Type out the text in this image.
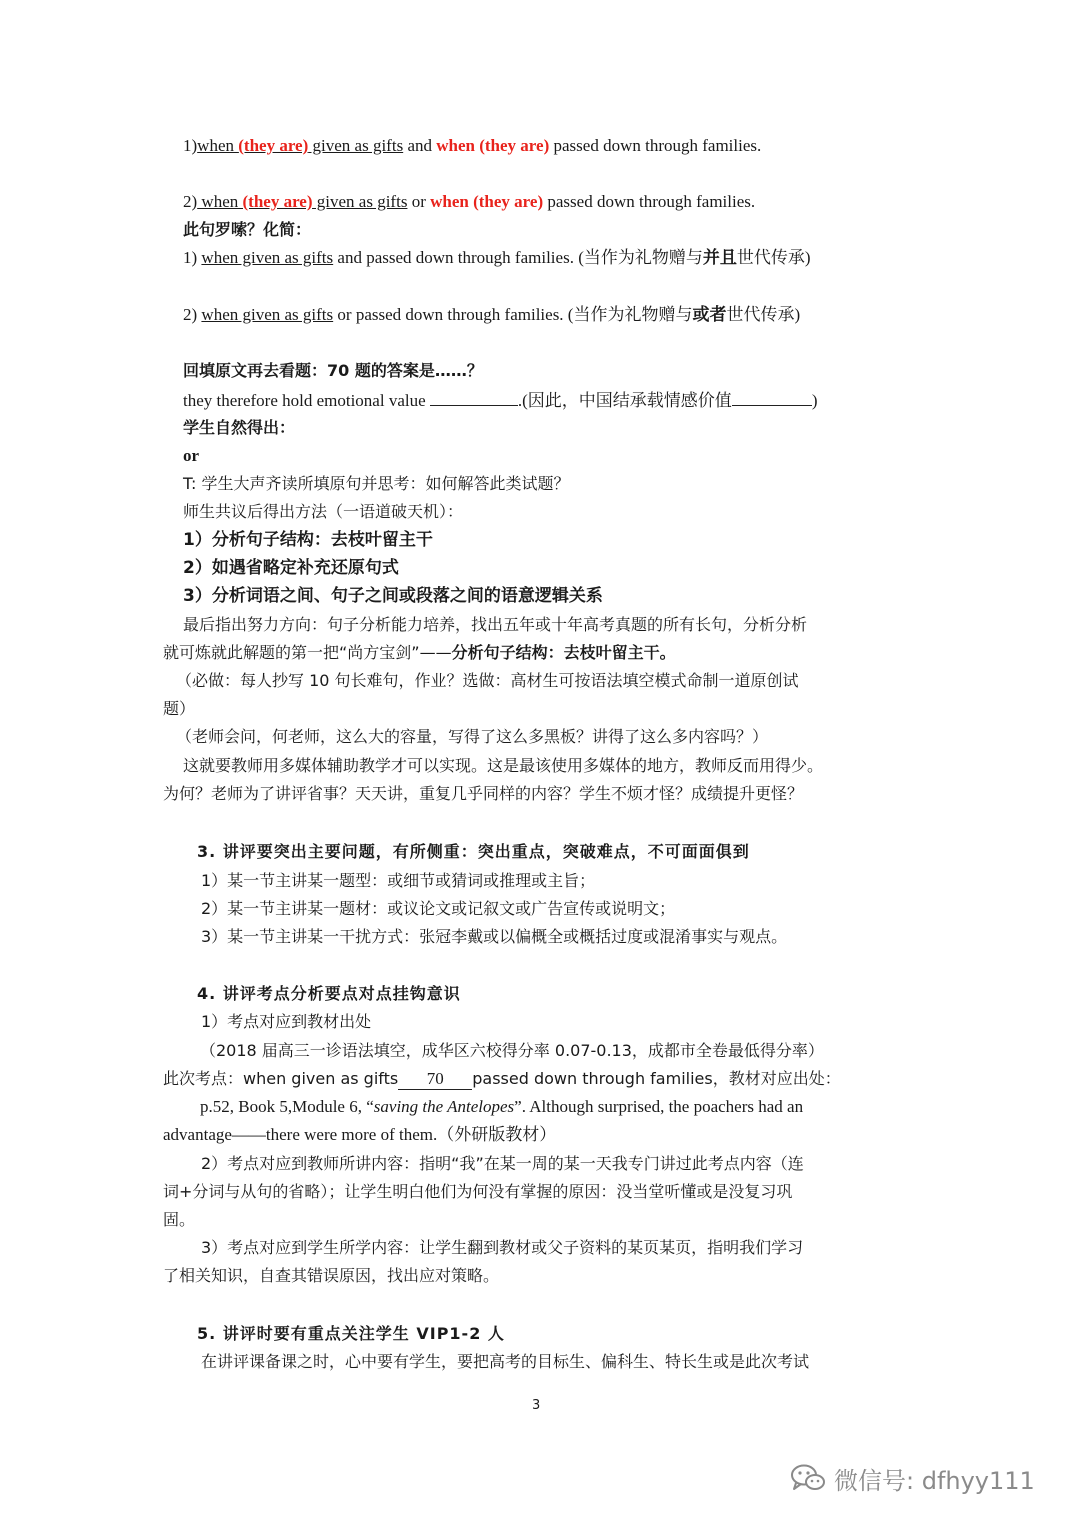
1)when (they are) given as gifts and when (they are) passed down through families.
2) when (they are) given as gifts or when (they are) passed down through families.
此句罗嗦？化简：
1) when given as gifts and passed down through families. (当作为礼物赠与并且世代传承)
2) when given as gifts or passed down through families. (当作为礼物赠与或者世代传承)
回填原文再去看题：70 题的答案是……？
they therefore hold emotional value	.(因此，中国结承载情感价值	)
学生自然得出：
or
T: 学生大声齐读所填原句并思考：如何解答此类试题？
师生共议后得出方法（一语道破天机）：
1）分析句子结构：去枝叶留主干
2）如遇省略定补充还原句式
3）分析词语之间、句子之间或段落之间的语意逻辑关系
最后指出努力方向：句子分析能力培养，找出五年或十年高考真题的所有长句，分析分析
就可炼就此解题的第一把“尚方宝剑”——分析句子结构：去枝叶留主干。
（必做：每人抄写 10 句长难句，作业？选做：高材生可按语法填空模式命制一道原创试
题）
（老师会问，何老师，这么大的容量，写得了这么多黑板？讲得了这么多内容吗？）
这就要教师用多媒体辅助教学才可以实现。这是最该使用多媒体的地方，教师反而用得少。
为何？老师为了讲评省事？天天讲，重复几乎同样的内容？学生不烦才怪？成绩提升更怪？
3. 讲评要突出主要问题，有所侧重：突出重点，突破难点，不可面面俱到
1）某一节主讲某一题型：或细节或猜词或推理或主旨；
2）某一节主讲某一题材：或议论文或记叙文或广告宣传或说明文；
3）某一节主讲某一干扰方式：张冠李戴或以偏概全或概括过度或混淆事实与观点。
4. 讲评考点分析要点对点挂钩意识
1）考点对应到教材出处
（2018 届高三一诊语法填空，成华区六校得分率 0.07-0.13，成都市全卷最低得分率）
此次考点：when given as gifts 70 passed down through families，教材对应出处：
p.52, Book 5,Module 6, “saving the Antelopes”. Although surprised, the poachers had an
advantage——there were more of them.（外研版教材）
2）考点对应到教师所讲内容：指明“我”在某一周的某一天我专门讲过此考点内容（连
词+分词与从句的省略）；让学生明白他们为何没有掌握的原因：没当堂听懂或是没复习巩
固。
3）考点对应到学生所学内容：让学生翻到教材或父子资料的某页某页，指明我们学习
了相关知识，自查其错误原因，找出应对策略。
5. 讲评时要有重点关注学生 VIP1-2 人
在讲评课备课之时，心中要有学生，要把高考的目标生、偏科生、特长生或是此次考试
3
微信号: dfhyy111
